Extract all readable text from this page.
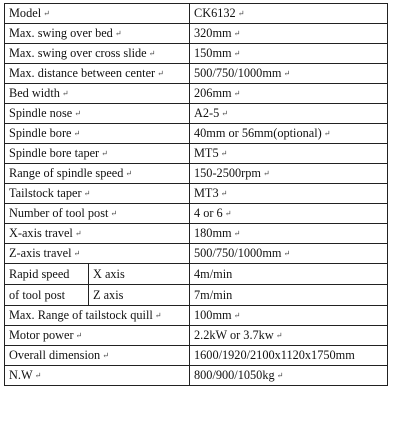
Model ↵		CK6132 ↵
Max. swing over bed ↵		320mm ↵
Max. swing over cross slide ↵		150mm ↵
Max. distance between center ↵		500/750/1000mm ↵
Bed width ↵		206mm ↵
Spindle nose ↵		A2-5 ↵
Spindle bore ↵		40mm or 56mm(optional) ↵
Spindle bore taper ↵		MT5 ↵
Range of spindle speed ↵		150-2500rpm ↵
Tailstock taper ↵		MT3 ↵
Number of tool post ↵		4 or 6 ↵
X-axis travel ↵		180mm ↵
Z-axis travel ↵		500/750/1000mm ↵
Rapid speed	X axis	4m/min
of tool post	Z axis	7m/min
Max. Range of tailstock quill ↵		100mm ↵
Motor power ↵		2.2kW or 3.7kw ↵
Overall dimension ↵		1600/1920/2100x1120x1750mm
N.W ↵		800/900/1050kg ↵
